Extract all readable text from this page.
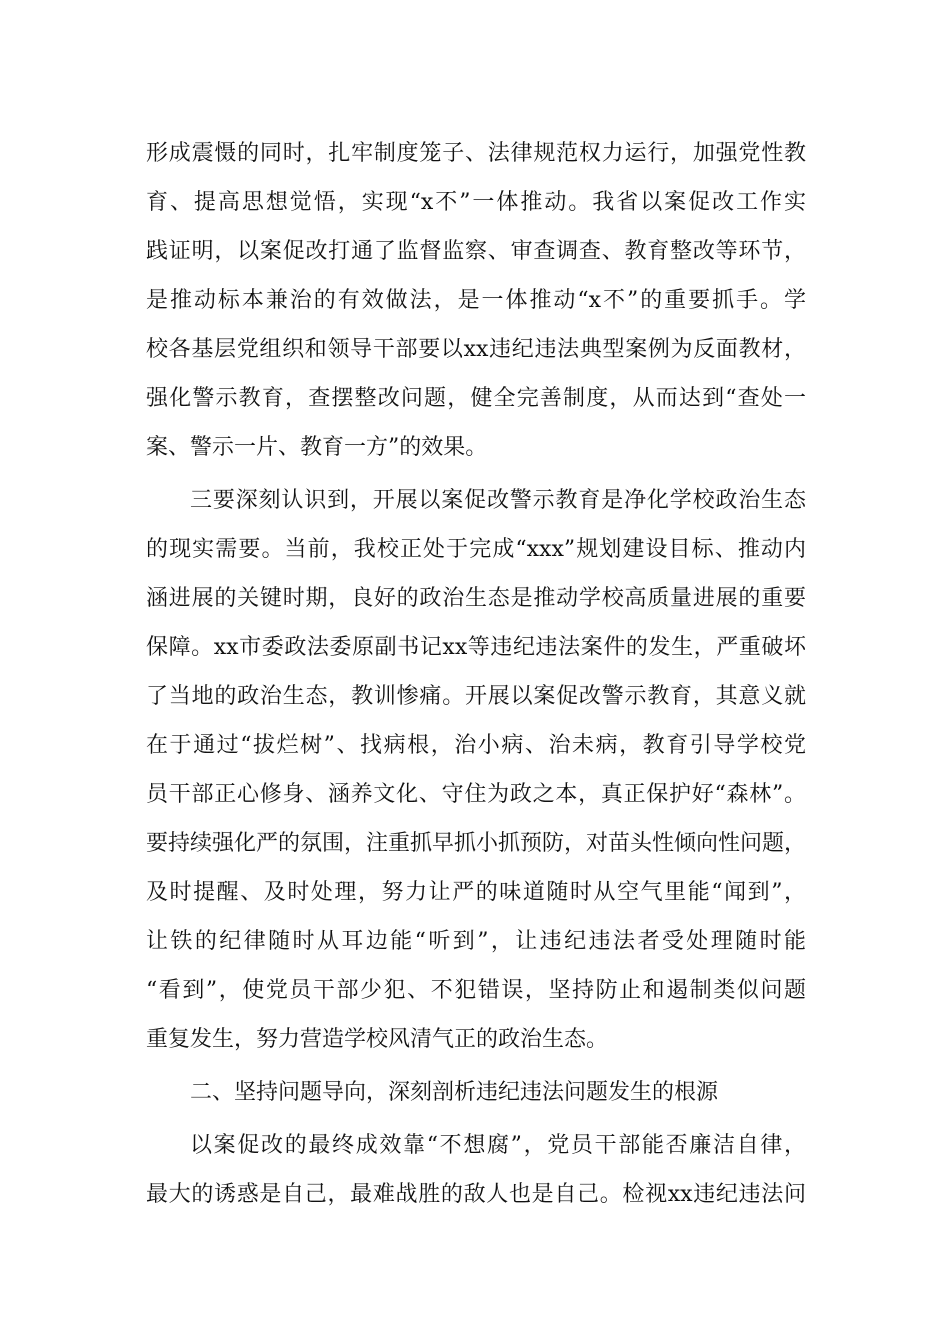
形成震慑的同时，扎牢制度笼子、法律规范权力运行，加强党性教
育、提高思想觉悟，实现“x不”一体推动。我省以案促改工作实
践证明，以案促改打通了监督监察、审查调查、教育整改等环节，
是推动标本兼治的有效做法，是一体推动“x不”的重要抓手。学
校各基层党组织和领导干部要以xx违纪违法典型案例为反面教材，
强化警示教育，查摆整改问题，健全完善制度，从而达到“查处一
案、警示一片、教育一方”的效果。
三要深刻认识到，开展以案促改警示教育是净化学校政治生态
的现实需要。当前，我校正处于完成“xxx”规划建设目标、推动内
涵进展的关键时期，良好的政治生态是推动学校高质量进展的重要
保障。xx市委政法委原副书记xx等违纪违法案件的发生，严重破坏
了当地的政治生态，教训惨痛。开展以案促改警示教育，其意义就
在于通过“拔烂树”、找病根，治小病、治未病，教育引导学校党
员干部正心修身、涵养文化、守住为政之本，真正保护好“森林”。
要持续强化严的氛围，注重抓早抓小抓预防，对苗头性倾向性问题，
及时提醒、及时处理，努力让严的味道随时从空气里能“闻到”，
让铁的纪律随时从耳边能“听到”，让违纪违法者受处理随时能
“看到”，使党员干部少犯、不犯错误，坚持防止和遏制类似问题
重复发生，努力营造学校风清气正的政治生态。
二、坚持问题导向，深刻剖析违纪违法问题发生的根源
以案促改的最终成效靠“不想腐”，党员干部能否廉洁自律，
最大的诱惑是自己，最难战胜的敌人也是自己。检视xx违纪违法问
